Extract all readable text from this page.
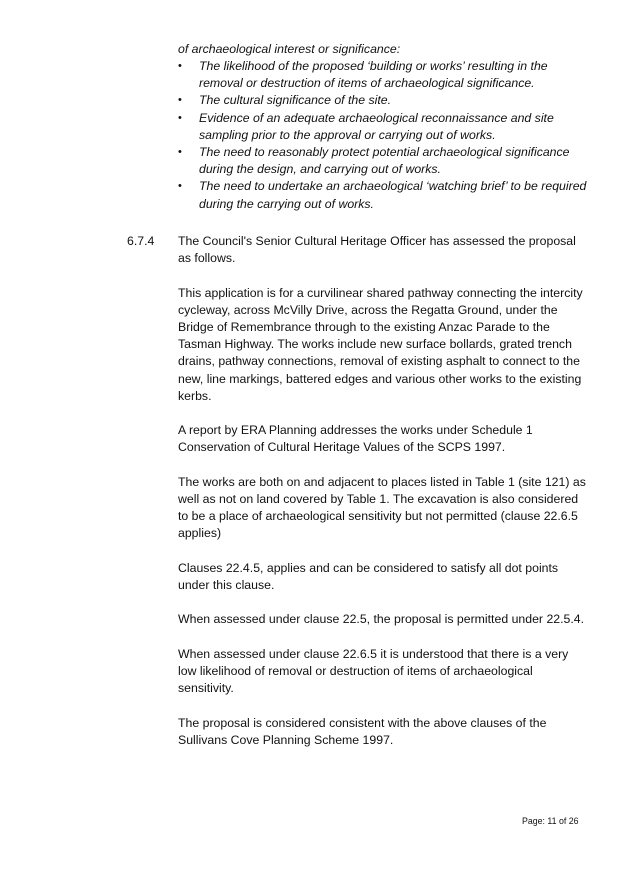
of archaeological interest or significance:

• The likelihood of the proposed ‘building or works’ resulting in the removal or destruction of items of archaeological significance.
• The cultural significance of the site.
• Evidence of an adequate archaeological reconnaissance and site sampling prior to the approval or carrying out of works.
• The need to reasonably protect potential archaeological significance during the design, and carrying out of works.
• The need to undertake an archaeological ‘watching brief’ to be required during the carrying out of works.
6.7.4	The Council's Senior Cultural Heritage Officer has assessed the proposal as follows.

This application is for a curvilinear shared pathway connecting the intercity cycleway, across McVilly Drive, across the Regatta Ground, under the Bridge of Remembrance through to the existing Anzac Parade to the Tasman Highway. The works include new surface bollards, grated trench drains, pathway connections, removal of existing asphalt to connect to the new, line markings, battered edges and various other works to the existing kerbs.

A report by ERA Planning addresses the works under Schedule 1 Conservation of Cultural Heritage Values of the SCPS 1997.

The works are both on and adjacent to places listed in Table 1 (site 121) as well as not on land covered by Table 1. The excavation is also considered to be a place of archaeological sensitivity but not permitted (clause 22.6.5 applies)

Clauses 22.4.5, applies and can be considered to satisfy all dot points under this clause.

When assessed under clause 22.5, the proposal is permitted under 22.5.4.

When assessed under clause 22.6.5 it is understood that there is a very low likelihood of removal or destruction of items of archaeological sensitivity.

The proposal is considered consistent with the above clauses of the Sullivans Cove Planning Scheme 1997.

Page: 11 of 26
